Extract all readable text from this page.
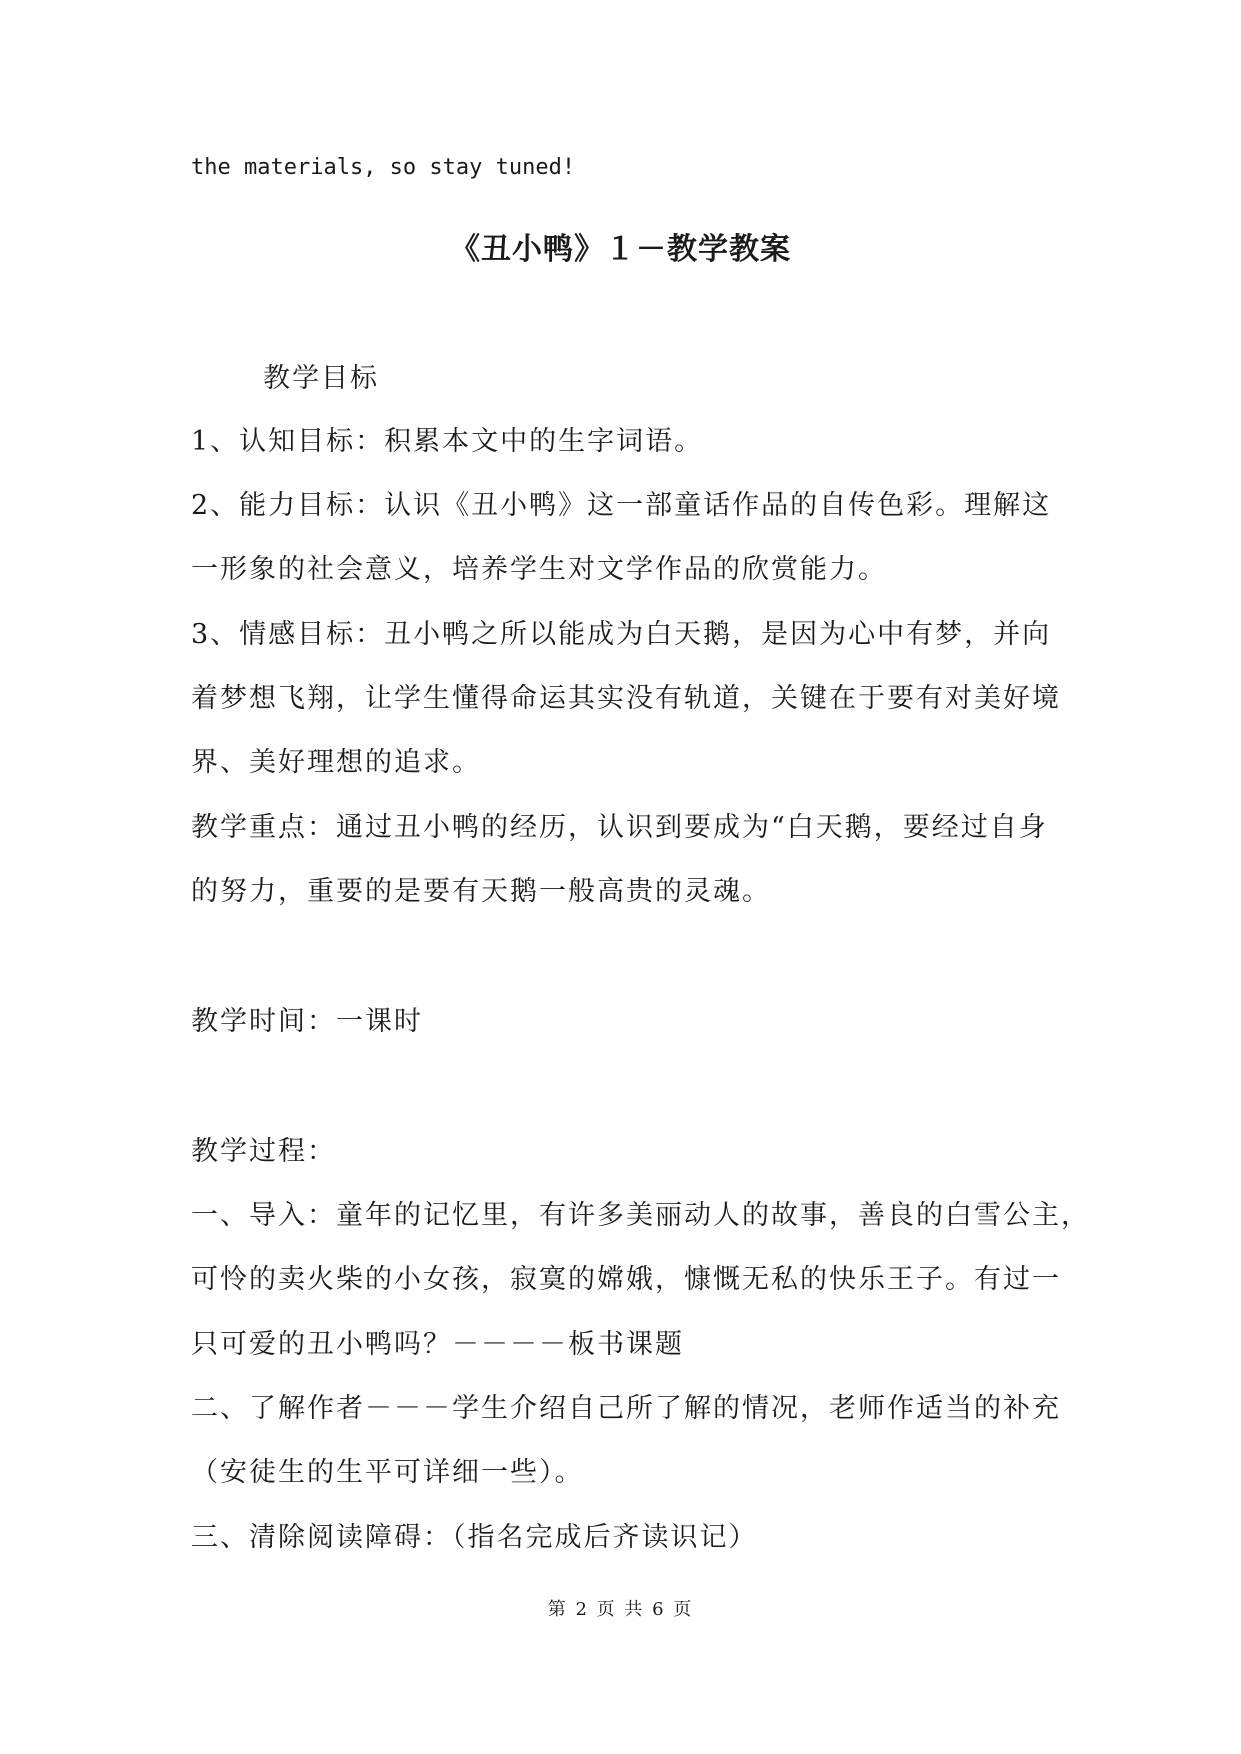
the materials, so stay tuned!
《丑小鸭》１－教学教案
教学目标
1、认知目标：积累本文中的生字词语。
2、能力目标：认识《丑小鸭》这一部童话作品的自传色彩。理解这
一形象的社会意义，培养学生对文学作品的欣赏能力。
3、情感目标：丑小鸭之所以能成为白天鹅，是因为心中有梦，并向
着梦想飞翔，让学生懂得命运其实没有轨道，关键在于要有对美好境
界、美好理想的追求。
教学重点：通过丑小鸭的经历，认识到要成为“白天鹅，要经过自身
的努力，重要的是要有天鹅一般高贵的灵魂。
教学时间：一课时
教学过程：
一、导入：童年的记忆里，有许多美丽动人的故事，善良的白雪公主，
可怜的卖火柴的小女孩，寂寞的嫦娥，慷慨无私的快乐王子。有过一
只可爱的丑小鸭吗？－－－－板书课题
二、了解作者－－－学生介绍自己所了解的情况，老师作适当的补充
（安徒生的生平可详细一些）。
三、清除阅读障碍：（指名完成后齐读识记）
第 2 页 共 6 页
